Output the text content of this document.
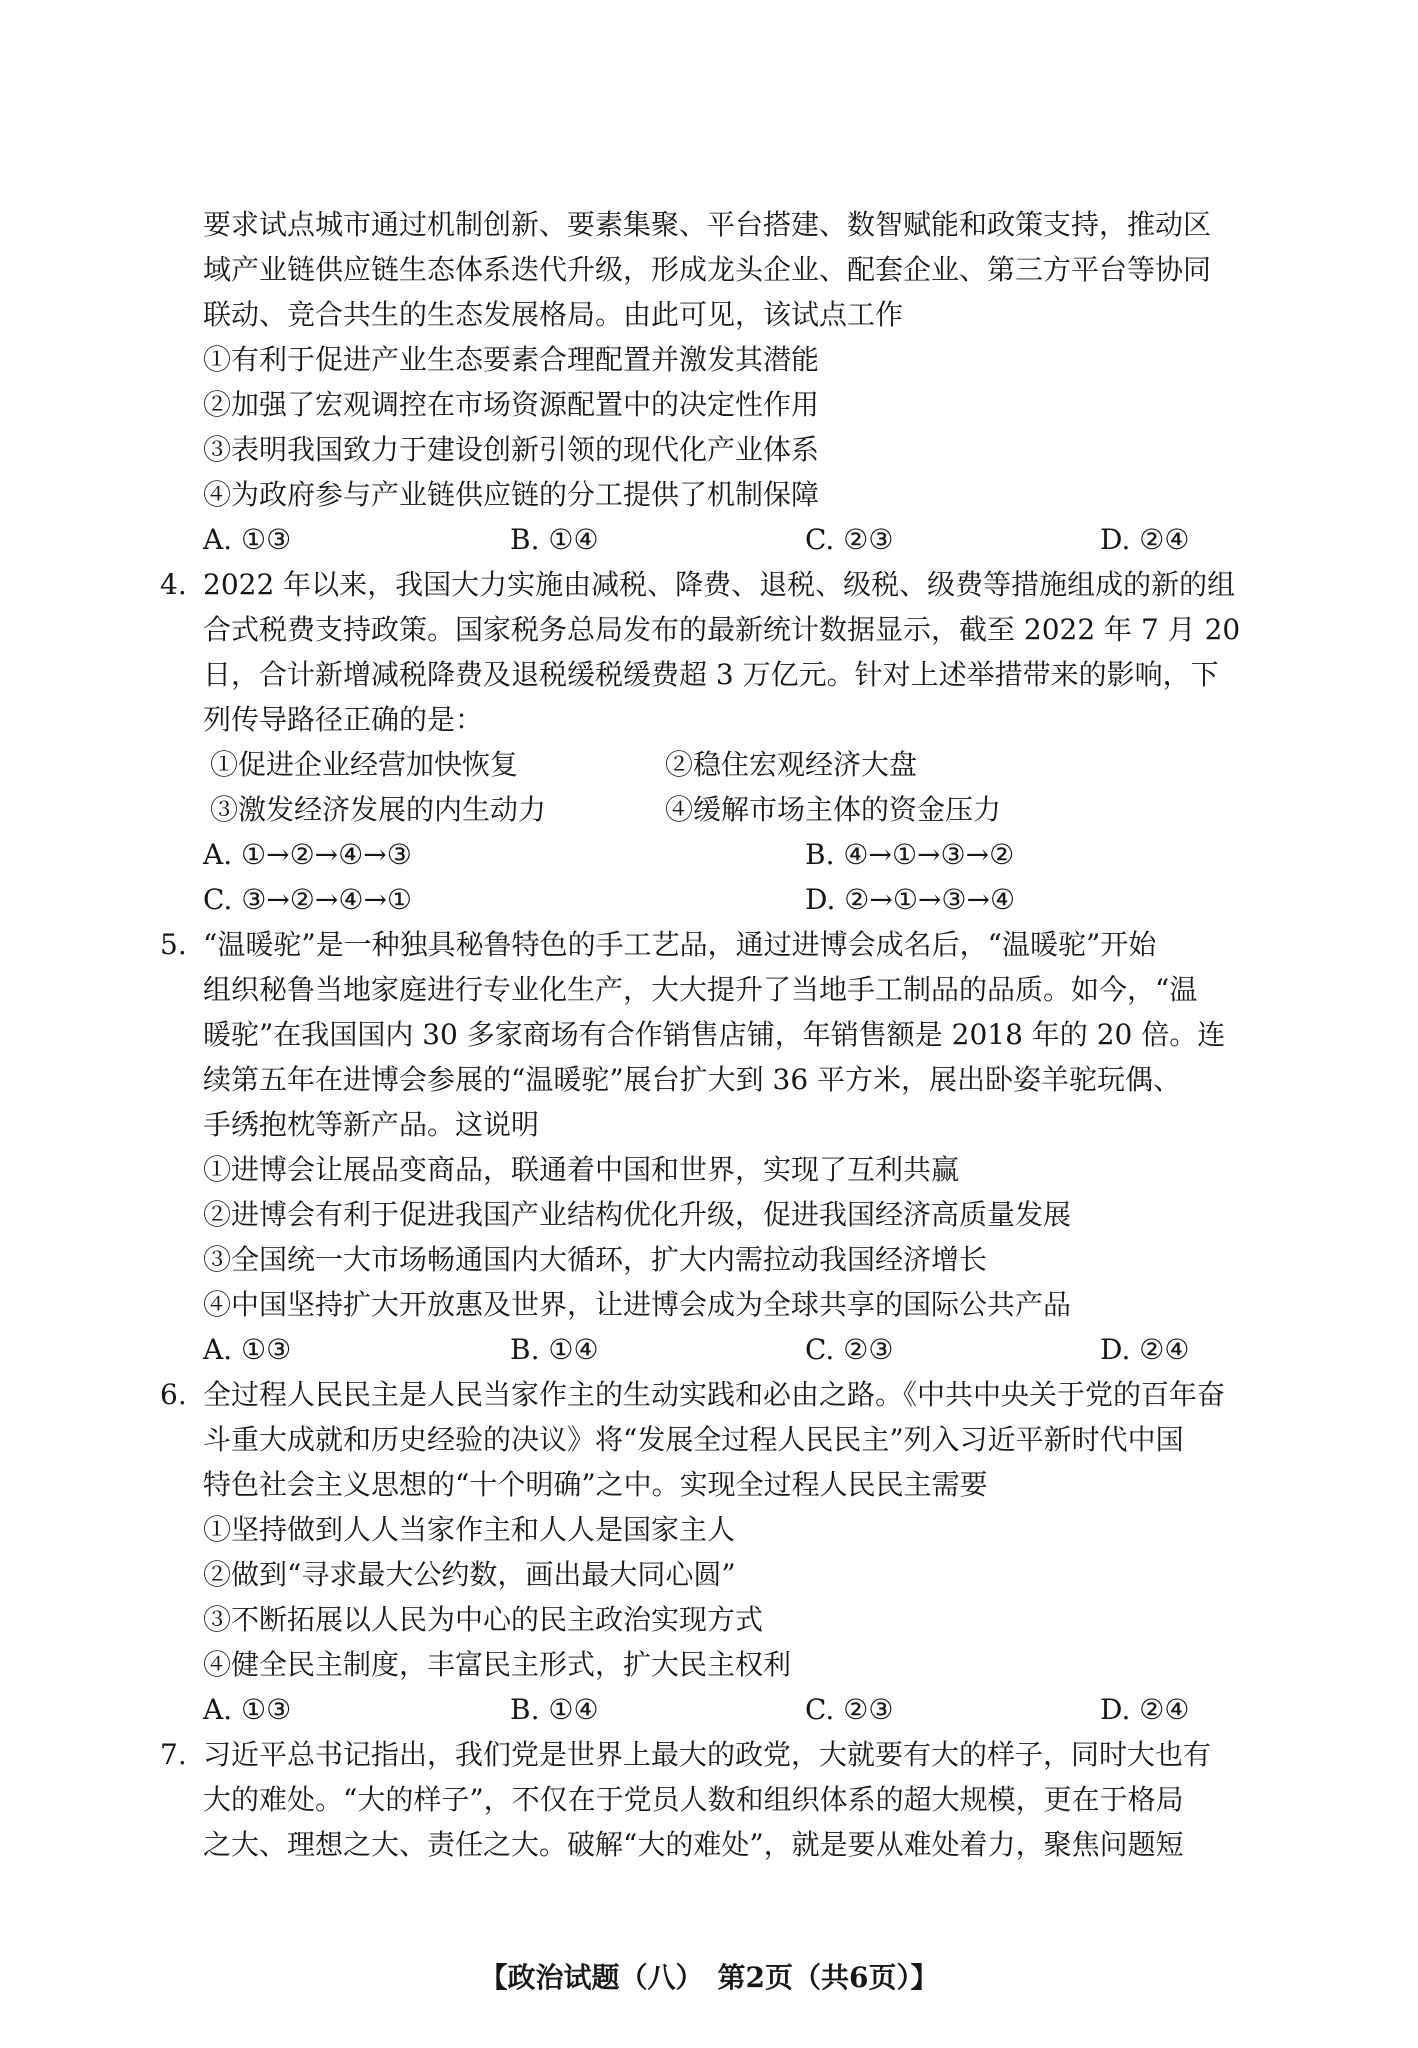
要求试点城市通过机制创新、要素集聚、平台搭建、数智赋能和政策支持，推动区
域产业链供应链生态体系迭代升级，形成龙头企业、配套企业、第三方平台等协同
联动、竞合共生的生态发展格局。由此可见，该试点工作
①有利于促进产业生态要素合理配置并激发其潜能
②加强了宏观调控在市场资源配置中的决定性作用
③表明我国致力于建设创新引领的现代化产业体系
④为政府参与产业链供应链的分工提供了机制保障
A. ①③	B. ①④	C. ②③	D. ②④
4. 2022 年以来，我国大力实施由减税、降费、退税、级税、级费等措施组成的新的组
合式税费支持政策。国家税务总局发布的最新统计数据显示，截至 2022 年 7 月 20
日，合计新增减税降费及退税缓税缓费超 3 万亿元。针对上述举措带来的影响，下
列传导路径正确的是：
①促进企业经营加快恢复	②稳住宏观经济大盘
③激发经济发展的内生动力	④缓解市场主体的资金压力
A. ①→②→④→③	B. ④→①→③→②
C. ③→②→④→①	D. ②→①→③→④
5. “温暖驼”是一种独具秘鲁特色的手工艺品，通过进博会成名后，“温暖驼”开始
组织秘鲁当地家庭进行专业化生产，大大提升了当地手工制品的品质。如今，“温
暖驼”在我国国内 30 多家商场有合作销售店铺，年销售额是 2018 年的 20 倍。连
续第五年在进博会参展的“温暖驼”展台扩大到 36 平方米，展出卧姿羊驼玩偶、
手绣抱枕等新产品。这说明
①进博会让展品变商品，联通着中国和世界，实现了互利共赢
②进博会有利于促进我国产业结构优化升级，促进我国经济高质量发展
③全国统一大市场畅通国内大循环，扩大内需拉动我国经济增长
④中国坚持扩大开放惠及世界，让进博会成为全球共享的国际公共产品
A. ①③	B. ①④	C. ②③	D. ②④
6. 全过程人民民主是人民当家作主的生动实践和必由之路。《中共中央关于党的百年奋
斗重大成就和历史经验的决议》将“发展全过程人民民主”列入习近平新时代中国
特色社会主义思想的“十个明确”之中。实现全过程人民民主需要
①坚持做到人人当家作主和人人是国家主人
②做到“寻求最大公约数，画出最大同心圆”
③不断拓展以人民为中心的民主政治实现方式
④健全民主制度，丰富民主形式，扩大民主权利
A. ①③	B. ①④	C. ②③	D. ②④
7. 习近平总书记指出，我们党是世界上最大的政党，大就要有大的样子，同时大也有
大的难处。“大的样子”，不仅在于党员人数和组织体系的超大规模，更在于格局
之大、理想之大、责任之大。破解“大的难处”，就是要从难处着力，聚焦问题短
【政治试题（八）　第2页（共6页）】
